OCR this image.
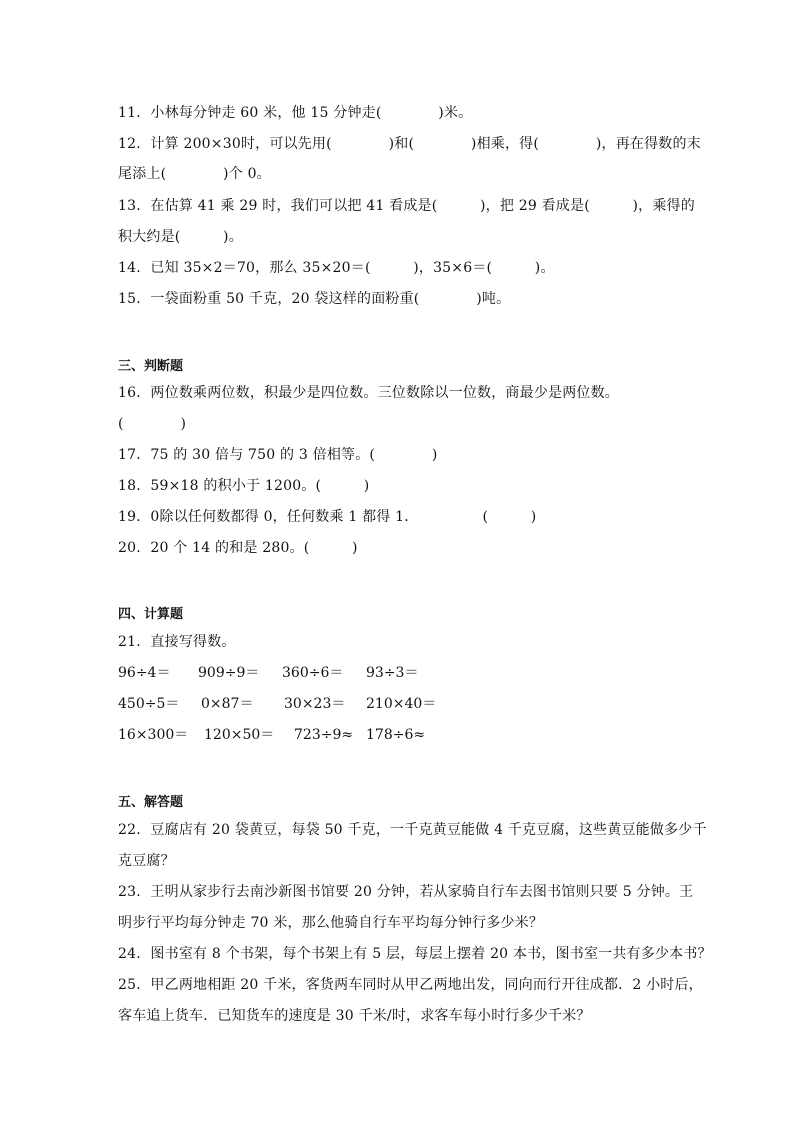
11．小林每分钟走 60 米，他 15 分钟走(　　　　)米。
12．计算 200×30时，可以先用(　　　　)和(　　　　)相乘，得(　　　　)，再在得数的末
尾添上(　　　　)个 0。
13．在估算 41 乘 29 时，我们可以把 41 看成是(　　　)，把 29 看成是(　　　)，乘得的
积大约是(　　　)。
14．已知 35×2＝70，那么 35×20＝(　　　)，35×6＝(　　　)。
15．一袋面粉重 50 千克，20 袋这样的面粉重(　　　　)吨。
三、判断题
16．两位数乘两位数，积最少是四位数。三位数除以一位数，商最少是两位数。
(　　　　)
17．75 的 30 倍与 750 的 3 倍相等。(　　　　)
18．59×18 的积小于 1200。(　　　)
19．0除以任何数都得 0，任何数乘 1 都得 1．　　　　　(　　　)
20．20 个 14 的和是 280。(　　　)
四、计算题
21．直接写得数。
96÷4＝ 909÷9＝ 360÷6＝ 93÷3＝
450÷5＝ 0×87＝ 30×23＝ 210×40＝
16×300＝ 120×50＝ 723÷9≈ 178÷6≈
五、解答题
22．豆腐店有 20 袋黄豆，每袋 50 千克，一千克黄豆能做 4 千克豆腐，这些黄豆能做多少千
克豆腐？
23．王明从家步行去南沙新图书馆要 20 分钟，若从家骑自行车去图书馆则只要 5 分钟。王
明步行平均每分钟走 70 米，那么他骑自行车平均每分钟行多少米？
24．图书室有 8 个书架，每个书架上有 5 层，每层上摆着 20 本书，图书室一共有多少本书？
25．甲乙两地相距 20 千米，客货两车同时从甲乙两地出发，同向而行开往成都．2 小时后，
客车追上货车．已知货车的速度是 30 千米/时，求客车每小时行多少千米？
